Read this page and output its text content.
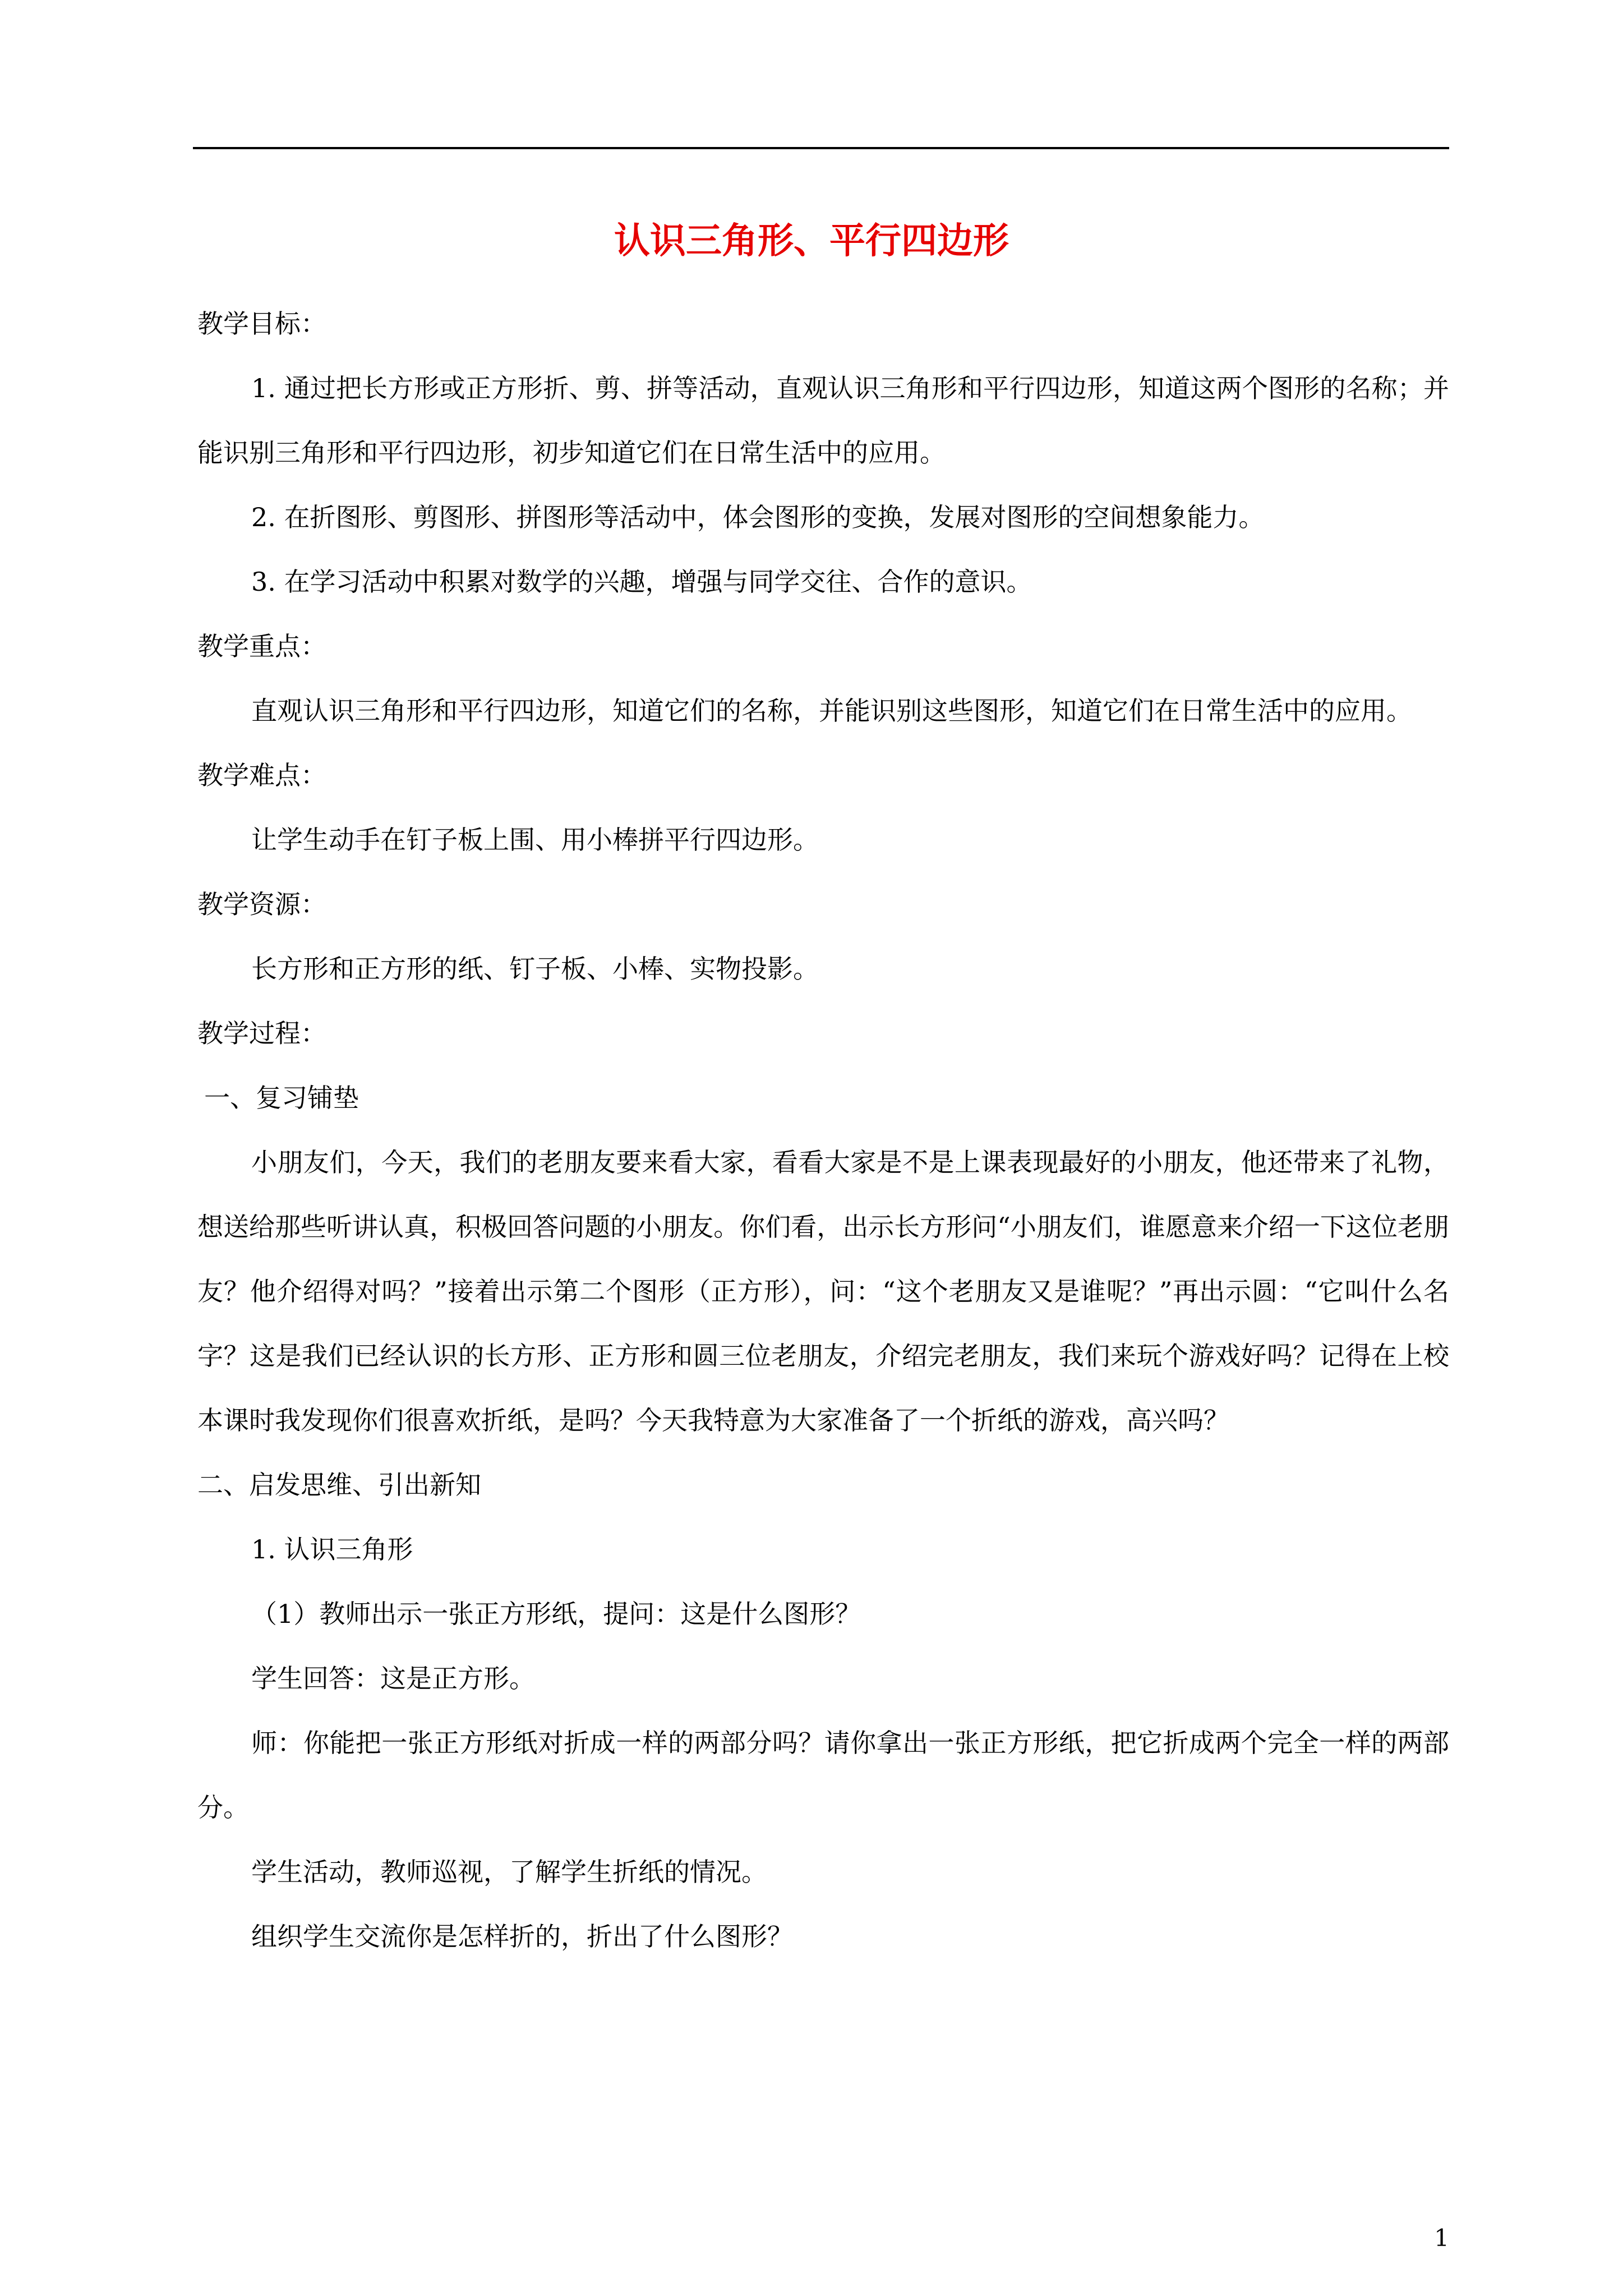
认识三角形、平行四边形

教学目标：

1. 通过把长方形或正方形折、剪、拼等活动，直观认识三角形和平行四边形，知道这两个图形的名称；并能识别三角形和平行四边形，初步知道它们在日常生活中的应用。

2. 在折图形、剪图形、拼图形等活动中，体会图形的变换，发展对图形的空间想象能力。

3. 在学习活动中积累对数学的兴趣，增强与同学交往、合作的意识。

教学重点：

直观认识三角形和平行四边形，知道它们的名称，并能识别这些图形，知道它们在日常生活中的应用。

教学难点：

让学生动手在钉子板上围、用小棒拼平行四边形。

教学资源：

长方形和正方形的纸、钉子板、小棒、实物投影。

教学过程：

一、复习铺垫

小朋友们，今天，我们的老朋友要来看大家，看看大家是不是上课表现最好的小朋友，他还带来了礼物，想送给那些听讲认真，积极回答问题的小朋友。你们看，出示长方形问“小朋友们，谁愿意来介绍一下这位老朋友？他介绍得对吗？”接着出示第二个图形（正方形），问：“这个老朋友又是谁呢？”再出示圆：“它叫什么名字？这是我们已经认识的长方形、正方形和圆三位老朋友，介绍完老朋友，我们来玩个游戏好吗？记得在上校本课时我发现你们很喜欢折纸，是吗？今天我特意为大家准备了一个折纸的游戏，高兴吗？

二、启发思维、引出新知

1. 认识三角形

（1）教师出示一张正方形纸，提问：这是什么图形？

学生回答：这是正方形。

师：你能把一张正方形纸对折成一样的两部分吗？请你拿出一张正方形纸，把它折成两个完全一样的两部分。

学生活动，教师巡视，了解学生折纸的情况。

组织学生交流你是怎样折的，折出了什么图形？

1
